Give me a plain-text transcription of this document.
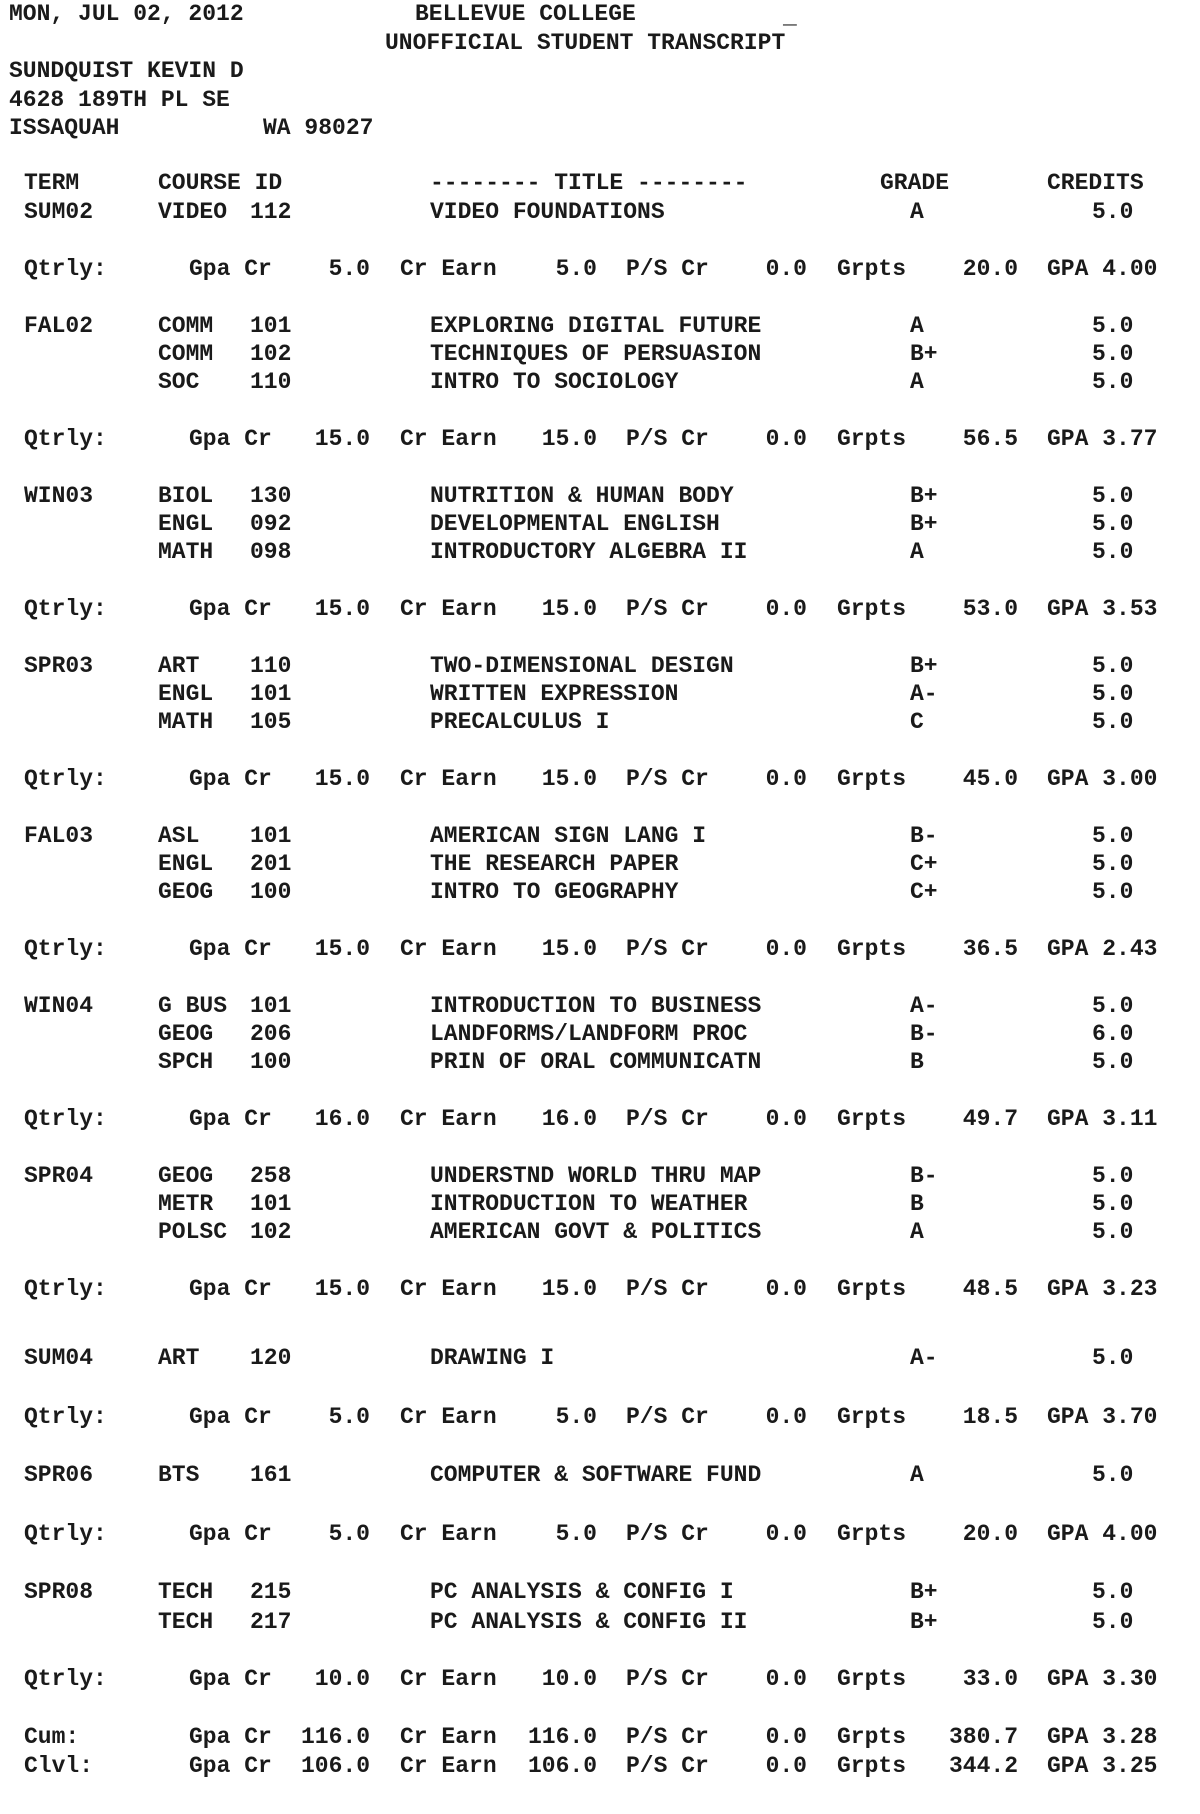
MON, JUL 02, 2012	BELLEVUE COLLEGE	_
UNOFFICIAL STUDENT TRANSCRIPT
SUNDQUIST KEVIN D
4628 189TH PL SE
ISSAQUAH	WA 98027
TERM	COURSE ID	-------- TITLE --------	GRADE	CREDITS
SUM02	VIDEO 112	VIDEO FOUNDATIONS	A	5.0
Qtrly:	Gpa Cr	5.0 Cr Earn	5.0 P/S Cr	0.0 Grpts	20.0 GPA 4.00
FAL02	COMM 101	EXPLORING DIGITAL FUTURE	A	5.0
COMM 102	TECHNIQUES OF PERSUASION	B+	5.0
SOC 110	INTRO TO SOCIOLOGY	A	5.0
Qtrly:	Gpa Cr	15.0 Cr Earn	15.0 P/S Cr	0.0 Grpts	56.5 GPA 3.77
WIN03	BIOL 130	NUTRITION & HUMAN BODY	B+	5.0
ENGL 092	DEVELOPMENTAL ENGLISH	B+	5.0
MATH 098	INTRODUCTORY ALGEBRA II	A	5.0
Qtrly:	Gpa Cr	15.0 Cr Earn	15.0 P/S Cr	0.0 Grpts	53.0 GPA 3.53
SPR03	ART 110	TWO-DIMENSIONAL DESIGN	B+	5.0
ENGL 101	WRITTEN EXPRESSION	A-	5.0
MATH 105	PRECALCULUS I	C	5.0
Qtrly:	Gpa Cr	15.0 Cr Earn	15.0 P/S Cr	0.0 Grpts	45.0 GPA 3.00
FAL03	ASL 101	AMERICAN SIGN LANG I	B-	5.0
ENGL 201	THE RESEARCH PAPER	C+	5.0
GEOG 100	INTRO TO GEOGRAPHY	C+	5.0
Qtrly:	Gpa Cr	15.0 Cr Earn	15.0 P/S Cr	0.0 Grpts	36.5 GPA 2.43
WIN04	G BUS 101	INTRODUCTION TO BUSINESS	A-	5.0
GEOG 206	LANDFORMS/LANDFORM PROC	B-	6.0
SPCH 100	PRIN OF ORAL COMMUNICATN	B	5.0
Qtrly:	Gpa Cr	16.0 Cr Earn	16.0 P/S Cr	0.0 Grpts	49.7 GPA 3.11
SPR04	GEOG 258	UNDERSTND WORLD THRU MAP	B-	5.0
METR 101	INTRODUCTION TO WEATHER	B	5.0
POLSC 102	AMERICAN GOVT & POLITICS	A	5.0
Qtrly:	Gpa Cr	15.0 Cr Earn	15.0 P/S Cr	0.0 Grpts	48.5 GPA 3.23
SUM04	ART 120	DRAWING I	A-	5.0
Qtrly:	Gpa Cr	5.0 Cr Earn	5.0 P/S Cr	0.0 Grpts	18.5 GPA 3.70
SPR06	BTS 161	COMPUTER & SOFTWARE FUND	A	5.0
Qtrly:	Gpa Cr	5.0 Cr Earn	5.0 P/S Cr	0.0 Grpts	20.0 GPA 4.00
SPR08	TECH 215	PC ANALYSIS & CONFIG I	B+	5.0
TECH 217	PC ANALYSIS & CONFIG II	B+	5.0
Qtrly:	Gpa Cr	10.0 Cr Earn	10.0 P/S Cr	0.0 Grpts	33.0 GPA 3.30
Cum:	Gpa Cr	116.0 Cr Earn	116.0 P/S Cr	0.0 Grpts	380.7 GPA 3.28
Clvl:	Gpa Cr	106.0 Cr Earn	106.0 P/S Cr	0.0 Grpts	344.2 GPA 3.25
